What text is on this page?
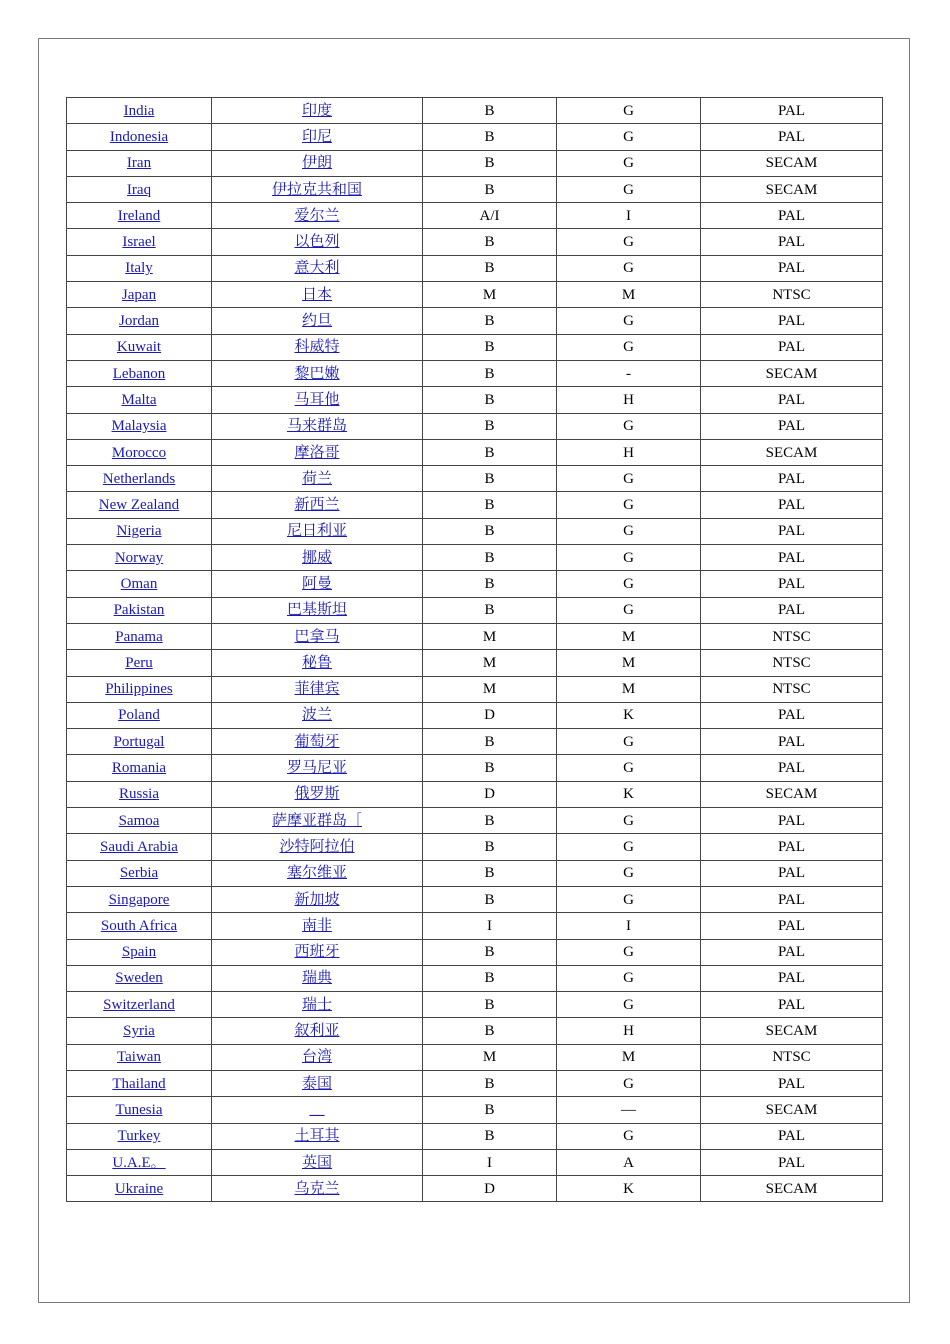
India	印度	B	G	PAL
Indonesia	印尼	B	G	PAL
Iran	伊朗	B	G	SECAM
Iraq	伊拉克共和国	B	G	SECAM
Ireland	爱尔兰	A/I	I	PAL
Israel	以色列	B	G	PAL
Italy	意大利	B	G	PAL
Japan	日本	M	M	NTSC
Jordan	约旦	B	G	PAL
Kuwait	科威特	B	G	PAL
Lebanon	黎巴嫩	B	-	SECAM
Malta	马耳他	B	H	PAL
Malaysia	马来群岛	B	G	PAL
Morocco	摩洛哥	B	H	SECAM
Netherlands	荷兰	B	G	PAL
New Zealand	新西兰	B	G	PAL
Nigeria	尼日利亚	B	G	PAL
Norway	挪威	B	G	PAL
Oman	阿曼	B	G	PAL
Pakistan	巴基斯坦	B	G	PAL
Panama	巴拿马	M	M	NTSC
Peru	秘鲁	M	M	NTSC
Philippines	菲律宾	M	M	NTSC
Poland	波兰	D	K	PAL
Portugal	葡萄牙	B	G	PAL
Romania	罗马尼亚	B	G	PAL
Russia	俄罗斯	D	K	SECAM
Samoa	萨摩亚群岛［	B	G	PAL
Saudi Arabia	沙特阿拉伯	B	G	PAL
Serbia	塞尔维亚	B	G	PAL
Singapore	新加坡	B	G	PAL
South Africa	南非	I	I	PAL
Spain	西班牙	B	G	PAL
Sweden	瑞典	B	G	PAL
Switzerland	瑞士	B	G	PAL
Syria	叙利亚	B	H	SECAM
Taiwan	台湾	M	M	NTSC
Thailand	泰国	B	G	PAL
Tunesia	__	B	—	SECAM
Turkey	土耳其	B	G	PAL
U.A.E。	英国	I	A	PAL
Ukraine	乌克兰	D	K	SECAM
